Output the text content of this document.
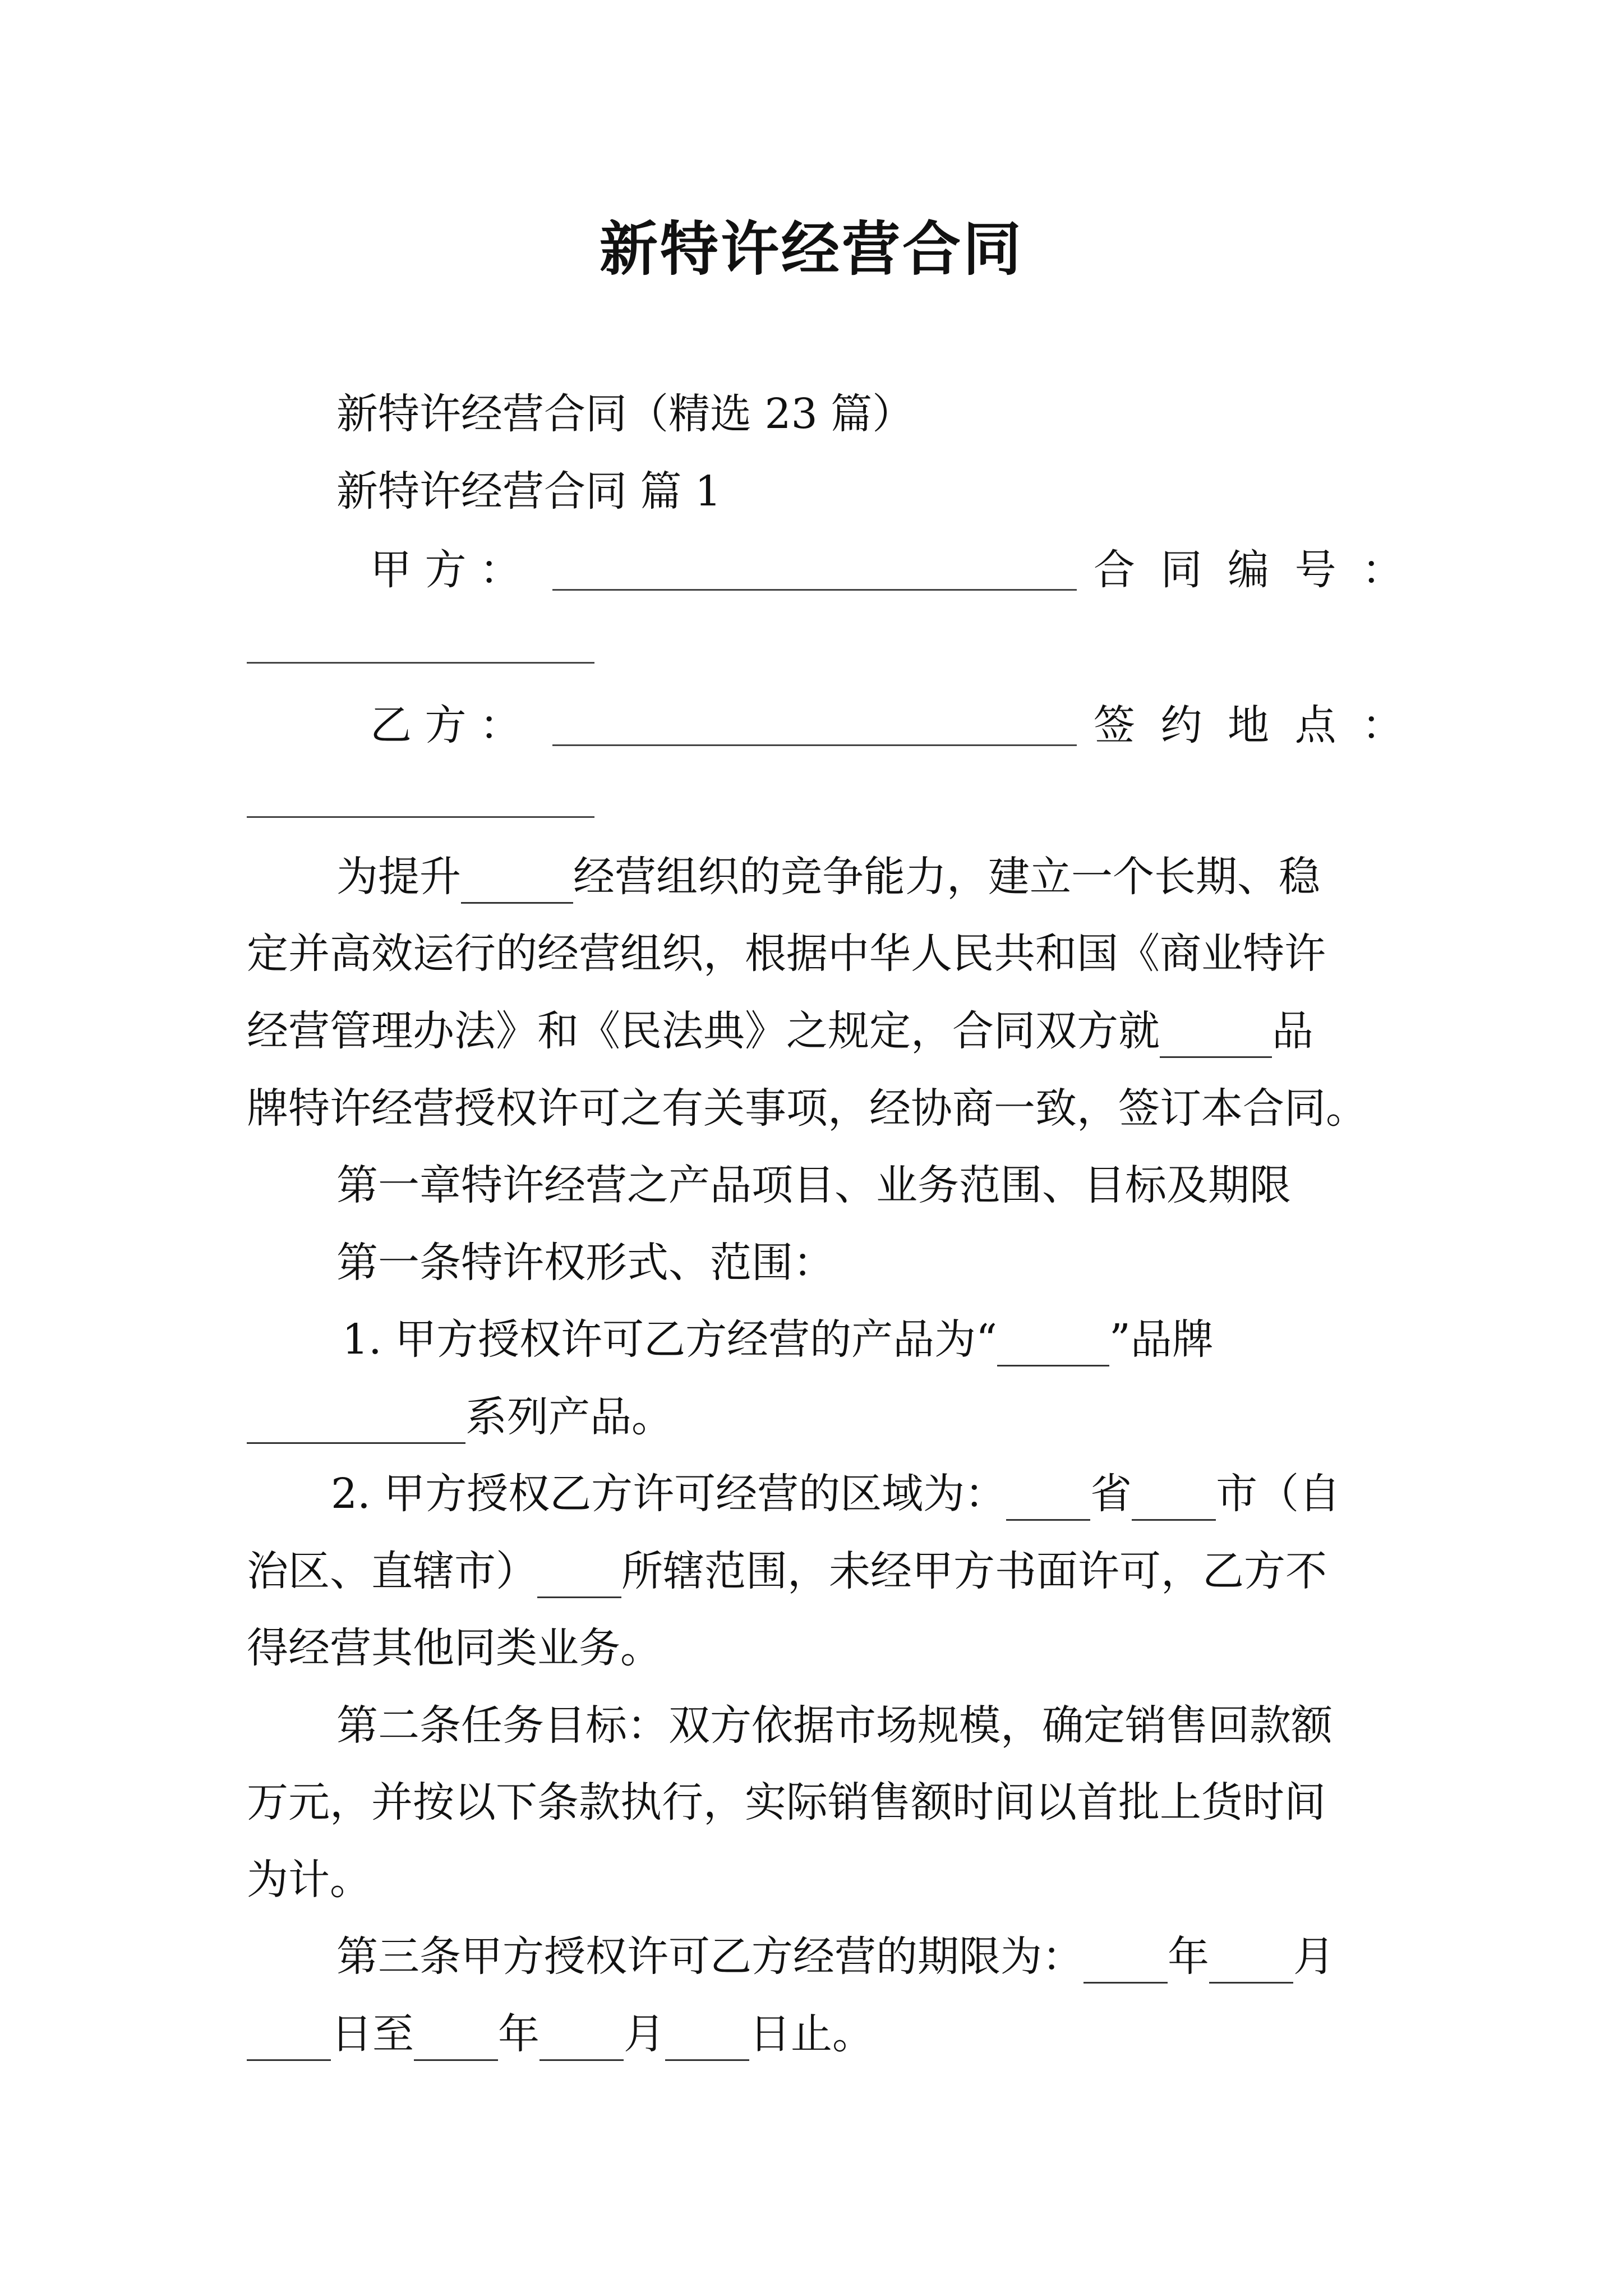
新特许经营合同
新特许经营合同（精选 23 篇）
新特许经营合同 篇 1
甲 方 ：	合 同 编 号 ：
乙 方 ：	签 约 地 点 ：
为提升	经营组织的竞争能力，建立一个长期、稳
定并高效运行的经营组织，根据中华人民共和国《商业特许
经营管理办法》和《民法典》之规定，合同双方就	品
牌特许经营授权许可之有关事项，经协商一致，签订本合同。
第一章特许经营之产品项目、业务范围、目标及期限
第一条特许权形式、范围：
1. 甲方授权许可乙方经营的产品为“	”品牌
系列产品。
2. 甲方授权乙方许可经营的区域为： 省 市（自
治区、直辖市） 所辖范围，未经甲方书面许可，乙方不
得经营其他同类业务。
第二条任务目标：双方依据市场规模，确定销售回款额
万元，并按以下条款执行，实际销售额时间以首批上货时间
为计。
第三条甲方授权许可乙方经营的期限为： 年 月
日至 年 月 日止。
